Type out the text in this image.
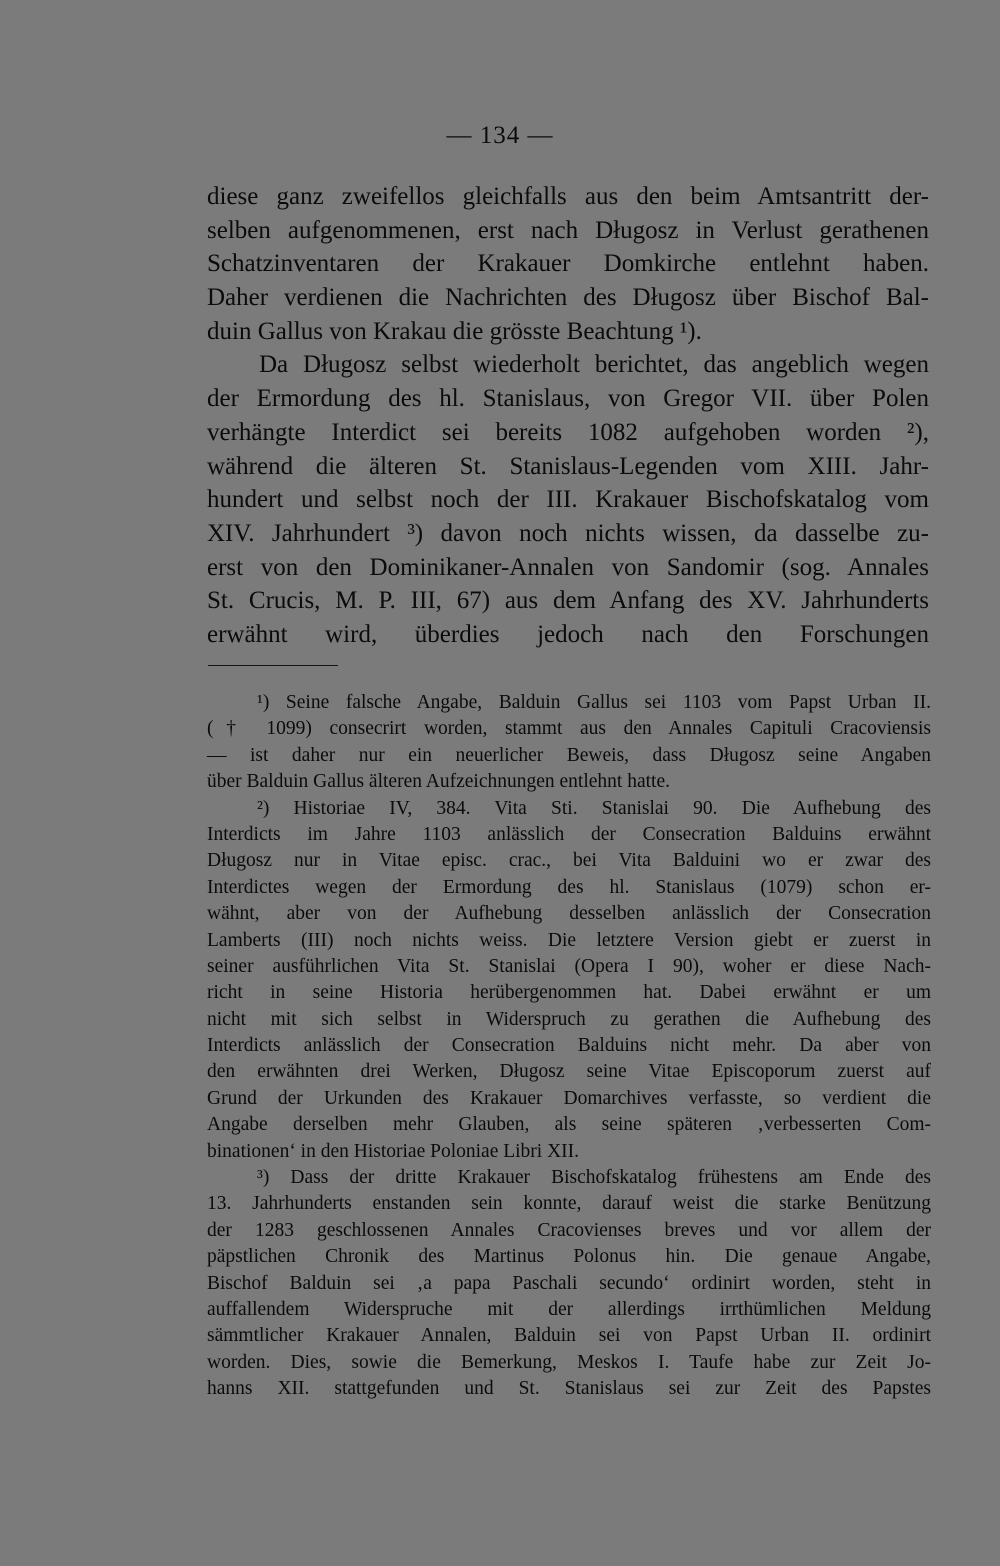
— 134 —
diese ganz zweifellos gleichfalls aus den beim Amtsantritt der-
selben aufgenommenen, erst nach Długosz in Verlust gerathenen
Schatzinventaren der Krakauer Domkirche entlehnt haben.
Daher verdienen die Nachrichten des Długosz über Bischof Bal-
duin Gallus von Krakau die grösste Beachtung ¹).
Da Długosz selbst wiederholt berichtet, das angeblich wegen
der Ermordung des hl. Stanislaus, von Gregor VII. über Polen
verhängte Interdict sei bereits 1082 aufgehoben worden ²),
während die älteren St. Stanislaus-Legenden vom XIII. Jahr-
hundert und selbst noch der III. Krakauer Bischofskatalog vom
XIV. Jahrhundert ³) davon noch nichts wissen, da dasselbe zu-
erst von den Dominikaner-Annalen von Sandomir (sog. Annales
St. Crucis, M. P. III, 67) aus dem Anfang des XV. Jahrhunderts
erwähnt wird, überdies jedoch nach den Forschungen
¹) Seine falsche Angabe, Balduin Gallus sei 1103 vom Papst Urban II.
(† 1099) consecrirt worden, stammt aus den Annales Capituli Cracoviensis
— ist daher nur ein neuerlicher Beweis, dass Długosz seine Angaben
über Balduin Gallus älteren Aufzeichnungen entlehnt hatte.
²) Historiae IV, 384. Vita Sti. Stanislai 90. Die Aufhebung des
Interdicts im Jahre 1103 anlässlich der Consecration Balduins erwähnt
Długosz nur in Vitae episc. crac., bei Vita Balduini wo er zwar des
Interdictes wegen der Ermordung des hl. Stanislaus (1079) schon er-
wähnt, aber von der Aufhebung desselben anlässlich der Consecration
Lamberts (III) noch nichts weiss. Die letztere Version giebt er zuerst in
seiner ausführlichen Vita St. Stanislai (Opera I 90), woher er diese Nach-
richt in seine Historia herübergenommen hat. Dabei erwähnt er um
nicht mit sich selbst in Widerspruch zu gerathen die Aufhebung des
Interdicts anlässlich der Consecration Balduins nicht mehr. Da aber von
den erwähnten drei Werken, Długosz seine Vitae Episcoporum zuerst auf
Grund der Urkunden des Krakauer Domarchives verfasste, so verdient die
Angabe derselben mehr Glauben, als seine späteren ‚verbesserten Com-
binationen‘ in den Historiae Poloniae Libri XII.
³) Dass der dritte Krakauer Bischofskatalog frühestens am Ende des
13. Jahrhunderts enstanden sein konnte, darauf weist die starke Benützung
der 1283 geschlossenen Annales Cracovienses breves und vor allem der
päpstlichen Chronik des Martinus Polonus hin. Die genaue Angabe,
Bischof Balduin sei ‚a papa Paschali secundo‘ ordinirt worden, steht in
auffallendem Widerspruche mit der allerdings irrthümlichen Meldung
sämmtlicher Krakauer Annalen, Balduin sei von Papst Urban II. ordinirt
worden. Dies, sowie die Bemerkung, Meskos I. Taufe habe zur Zeit Jo-
hanns XII. stattgefunden und St. Stanislaus sei zur Zeit des Papstes
